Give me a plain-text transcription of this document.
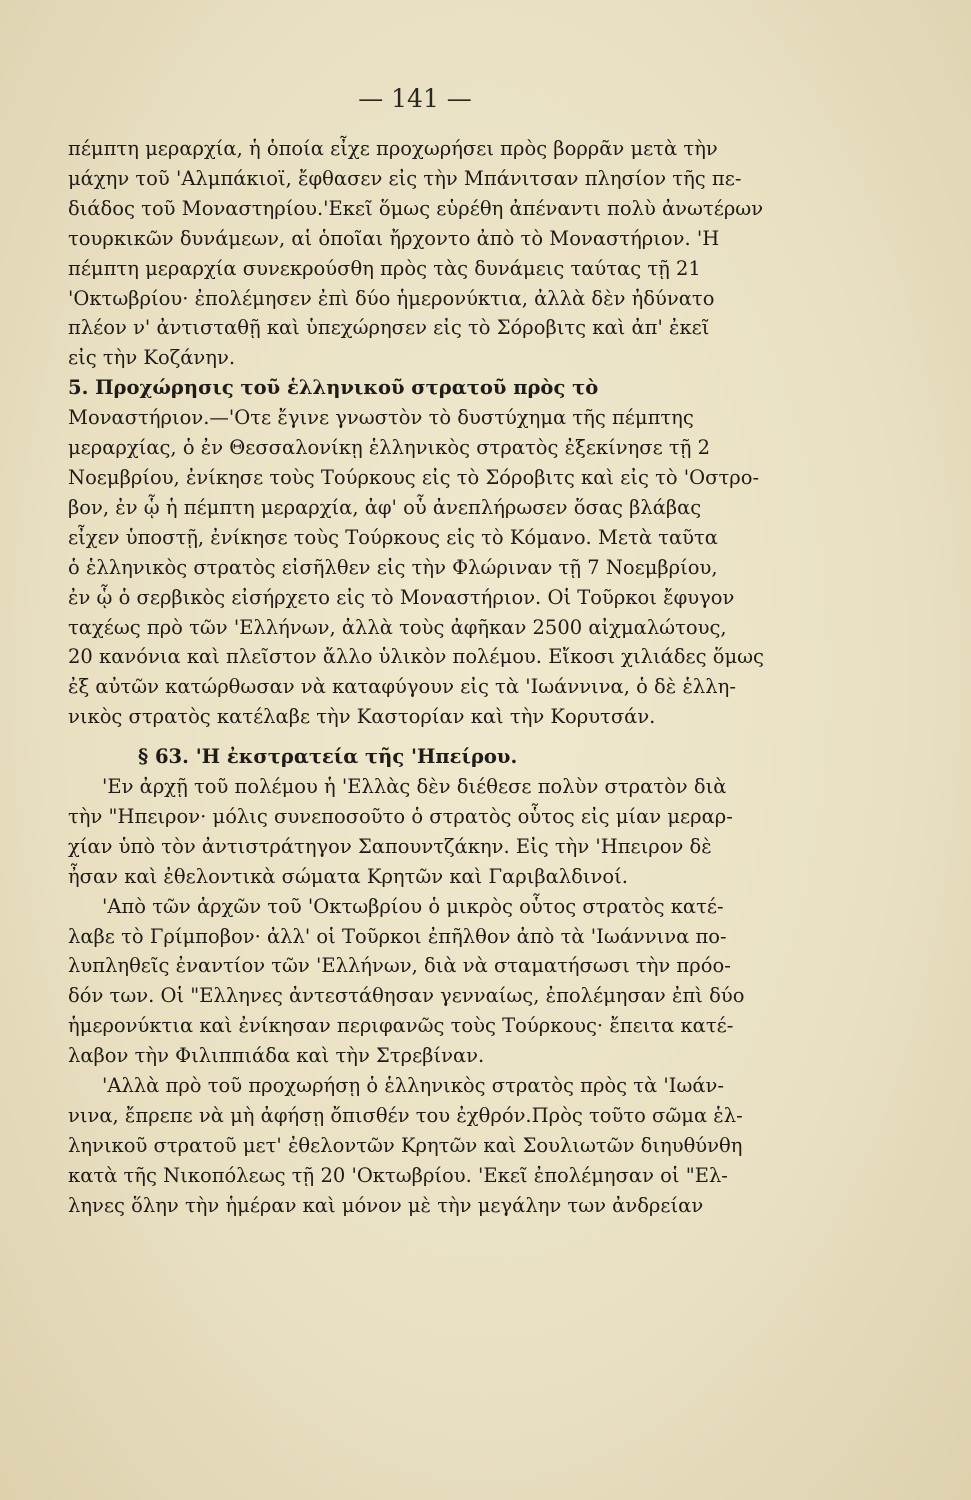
— 141 —
πέμπτη μεραρχία, ἡ ὁποία εἶχε προχωρήσει πρὸς βορρᾶν μετὰ τὴν
μάχην τοῦ 'Αλμπάκιοϊ, ἔφθασεν εἰς τὴν Μπάνιτσαν πλησίον τῆς πε-
διάδος τοῦ Μοναστηρίου.'Εκεῖ ὅμως εὑρέθη ἀπέναντι πολὺ ἀνωτέρων
τουρκικῶν δυνάμεων, αἱ ὁποῖαι ἤρχοντο ἀπὸ τὸ Μοναστήριον. 'Η
πέμπτη μεραρχία συνεκρούσθη πρὸς τὰς δυνάμεις ταύτας τῇ 21
'Οκτωβρίου· ἐπολέμησεν ἐπὶ δύο ἡμερονύκτια, ἀλλὰ δὲν ἠδύνατο
πλέον ν' ἀντισταθῇ καὶ ὑπεχώρησεν εἰς τὸ Σόροβιτς καὶ ἀπ' ἐκεῖ
εἰς τὴν Κοζάνην.
5. Προχώρησις τοῦ ἑλληνικοῦ στρατοῦ πρὸς τὸ
Μοναστήριον.—'Οτε ἔγινε γνωστὸν τὸ δυστύχημα τῆς πέμπτης
μεραρχίας, ὁ ἐν Θεσσαλονίκῃ ἑλληνικὸς στρατὸς ἐξεκίνησε τῇ 2
Νοεμβρίου, ἐνίκησε τοὺς Τούρκους εἰς τὸ Σόροβιτς καὶ εἰς τὸ 'Οστρο-
βον, ἐν ᾧ ἡ πέμπτη μεραρχία, ἀφ' οὗ ἀνεπλήρωσεν ὅσας βλάβας
εἶχεν ὑποστῇ, ἐνίκησε τοὺς Τούρκους εἰς τὸ Κόμανο. Μετὰ ταῦτα
ὁ ἑλληνικὸς στρατὸς εἰσῆλθεν εἰς τὴν Φλώριναν τῇ 7 Νοεμβρίου,
ἐν ᾧ ὁ σερβικὸς εἰσήρχετο εἰς τὸ Μοναστήριον. Οἱ Τοῦρκοι ἔφυγον
ταχέως πρὸ τῶν 'Ελλήνων, ἀλλὰ τοὺς ἀφῆκαν 2500 αἰχμαλώτους,
20 κανόνια καὶ πλεῖστον ἄλλο ὑλικὸν πολέμου. Εἴκοσι χιλιάδες ὅμως
ἐξ αὐτῶν κατώρθωσαν νὰ καταφύγουν εἰς τὰ 'Ιωάννινα, ὁ δὲ ἑλλη-
νικὸς στρατὸς κατέλαβε τὴν Καστορίαν καὶ τὴν Κορυτσάν.
§ 63. 'Η ἐκστρατεία τῆς 'Ηπείρου.
'Εν ἀρχῇ τοῦ πολέμου ἡ 'Ελλὰς δὲν διέθεσε πολὺν στρατὸν διὰ
τὴν "Ηπειρον· μόλις συνεποσοῦτο ὁ στρατὸς οὗτος εἰς μίαν μεραρ-
χίαν ὑπὸ τὸν ἀντιστράτηγον Σαπουντζάκην. Εἰς τὴν 'Ηπειρον δὲ
ἦσαν καὶ ἐθελοντικὰ σώματα Κρητῶν καὶ Γαριβαλδινοί.
'Απὸ τῶν ἀρχῶν τοῦ 'Οκτωβρίου ὁ μικρὸς οὗτος στρατὸς κατέ-
λαβε τὸ Γρίμποβον· ἀλλ' οἱ Τοῦρκοι ἐπῆλθον ἀπὸ τὰ 'Ιωάννινα πο-
λυπληθεῖς ἐναντίον τῶν 'Ελλήνων, διὰ νὰ σταματήσωσι τὴν πρόο-
δόν των. Οἱ "Ελληνες ἀντεστάθησαν γενναίως, ἐπολέμησαν ἐπὶ δύο
ἡμερονύκτια καὶ ἐνίκησαν περιφανῶς τοὺς Τούρκους· ἔπειτα κατέ-
λαβον τὴν Φιλιππιάδα καὶ τὴν Στρεβίναν.
'Αλλὰ πρὸ τοῦ προχωρήσῃ ὁ ἑλληνικὸς στρατὸς πρὸς τὰ 'Ιωάν-
νινα, ἔπρεπε νὰ μὴ ἀφήσῃ ὄπισθέν του ἐχθρόν.Πρὸς τοῦτο σῶμα ἑλ-
ληνικοῦ στρατοῦ μετ' ἐθελοντῶν Κρητῶν καὶ Σουλιωτῶν διηυθύνθη
κατὰ τῆς Νικοπόλεως τῇ 20 'Οκτωβρίου. 'Εκεῖ ἐπολέμησαν οἱ "Ελ-
ληνες ὅλην τὴν ἡμέραν καὶ μόνον μὲ τὴν μεγάλην των ἀνδρείαν
